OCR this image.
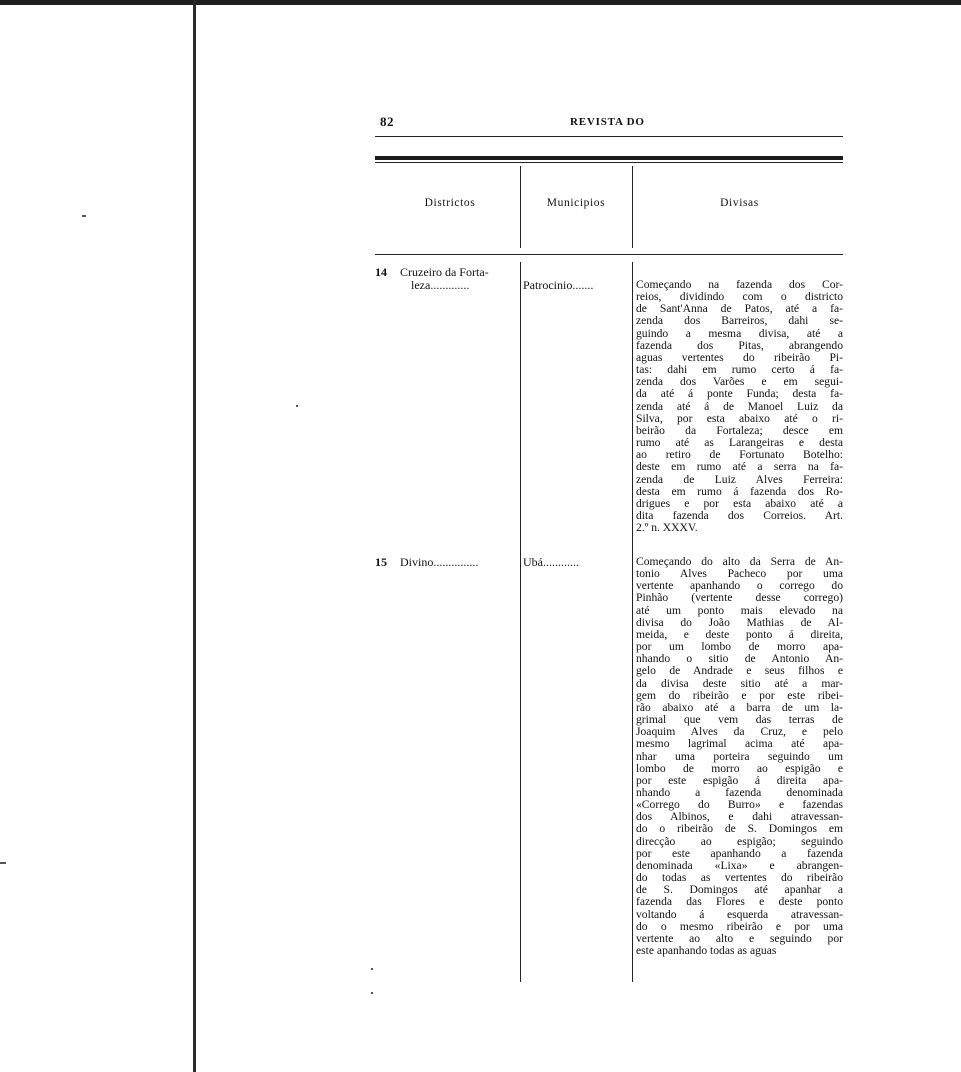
82	REVISTA DO
Districtos	Municipios	Divisas
14 Cruzeiro da Forta-
leza.............	Patrocinio.......	Começando na fazenda dos Cor-
reios, dividindo com o districto
de Sant'Anna de Patos, até a fa-
zenda dos Barreiros, dahi se-
guindo a mesma divisa, até a
fazenda dos Pitas, abrangendo
aguas vertentes do ribeirão Pi-
tas: dahi em rumo certo á fa-
zenda dos Varões e em segui-
da até á ponte Funda; desta fa-
zenda até á de Manoel Luiz da
Silva, por esta abaixo até o ri-
beirão da Fortaleza; desce em
rumo até as Larangeiras e desta
ao retiro de Fortunato Botelho:
deste em rumo até a serra na fa-
zenda de Luiz Alves Ferreira:
desta em rumo á fazenda dos Ro-
drigues e por esta abaixo até a
dita fazenda dos Correios. Art.
2.º n. XXXV.
15 Divino...............	Ubá............	Começando do alto da Serra de An-
tonio Alves Pacheco por uma
vertente apanhando o corrego do
Pinhão (vertente desse corrego)
até um ponto mais elevado na
divisa do João Mathias de Al-
meida, e deste ponto á direita,
por um lombo de morro apa-
nhando o sitio de Antonio An-
gelo de Andrade e seus filhos e
da divisa deste sitio até a mar-
gem do ribeirão e por este ribei-
rão abaixo até a barra de um la-
grimal que vem das terras de
Joaquim Alves da Cruz, e pelo
mesmo lagrimal acima até apa-
nhar uma porteira seguindo um
lombo de morro ao espigão e
por este espigão á direita apa-
nhando a fazenda denominada
«Corrego do Burro» e fazendas
dos Albinos, e dahi atravessan-
do o ribeirão de S. Domingos em
direcção ao espigão; seguindo
por este apanhando a fazenda
denominada «Lixa» e abrangen-
do todas as vertentes do ribeirão
de S. Domingos até apanhar a
fazenda das Flores e deste ponto
voltando á esquerda atravessan-
do o mesmo ribeirão e por uma
vertente ao alto e seguindo por
este apanhando todas as aguas
